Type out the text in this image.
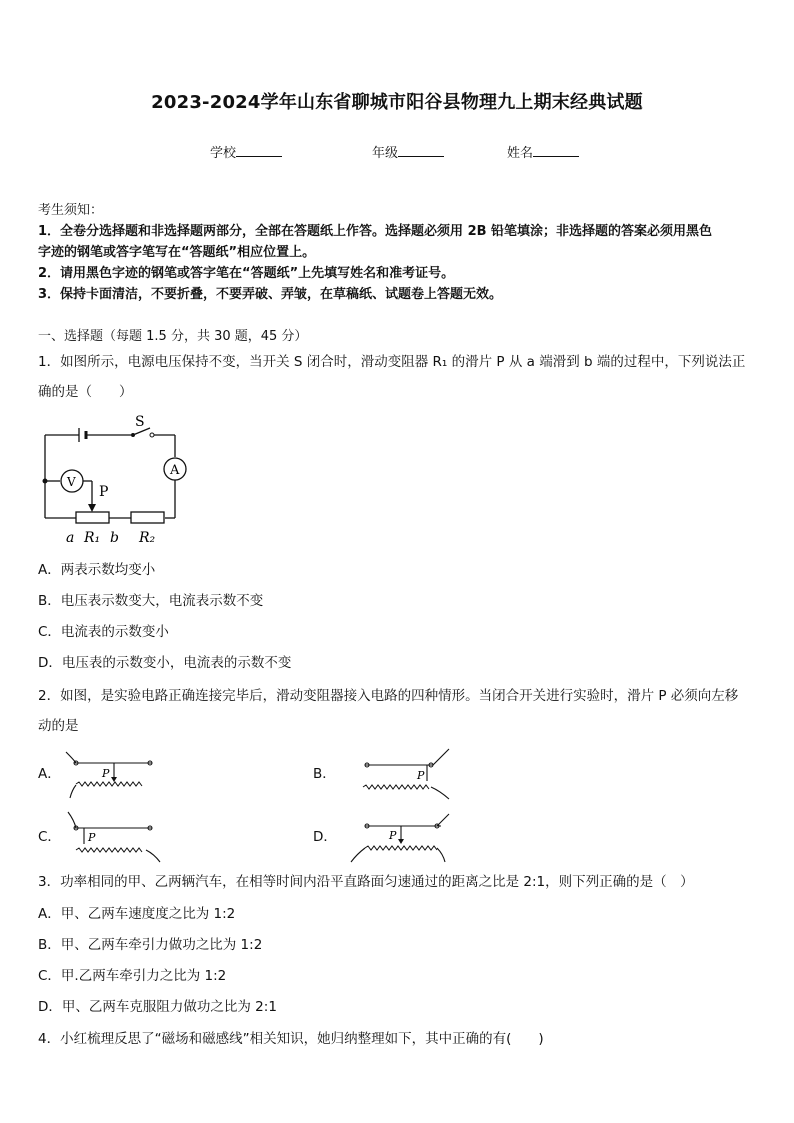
2023-2024学年山东省聊城市阳谷县物理九上期末经典试题
学校	年级	姓名
考生须知：
1．全卷分选择题和非选择题两部分，全部在答题纸上作答。选择题必须用 2B 铅笔填涂；非选择题的答案必须用黑色
字迹的钢笔或答字笔写在“答题纸”相应位置上。
2．请用黑色字迹的钢笔或答字笔在“答题纸”上先填写姓名和准考证号。
3．保持卡面清洁，不要折叠，不要弄破、弄皱，在草稿纸、试题卷上答题无效。
一、选择题（每题 1.5 分，共 30 题，45 分）
1．如图所示，电源电压保持不变，当开关 S 闭合时，滑动变阻器 R₁ 的滑片 P 从 a 端滑到 b 端的过程中，下列说法正
确的是（　　）
S
A
V
P
a R₁ b R₂
A．两表示数均变小
B．电压表示数变大，电流表示数不变
C．电流表的示数变小
D．电压表的示数变小，电流表的示数不变
2．如图，是实验电路正确连接完毕后，滑动变阻器接入电路的四种情形。当闭合开关进行实验时，滑片 P 必须向左移
动的是
A．	P	B．	P
C． P	D．	P
3．功率相同的甲、乙两辆汽车，在相等时间内沿平直路面匀速通过的距离之比是 2:1，则下列正确的是（　）
A．甲、乙两车速度度之比为 1:2
B．甲、乙两车牵引力做功之比为 1:2
C．甲.乙两车牵引力之比为 1:2
D．甲、乙两车克服阻力做功之比为 2:1
4．小红梳理反思了“磁场和磁感线”相关知识，她归纳整理如下，其中正确的有(　　)
